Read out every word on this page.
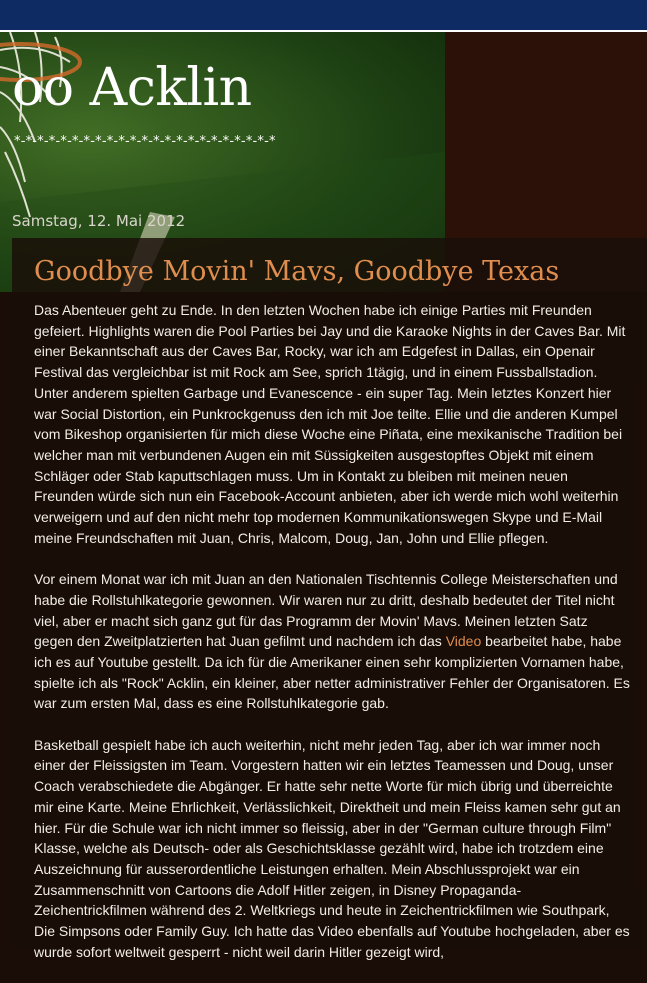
oo Acklin
*-*-*-*-*-*-*-*-*-*-*-*-*-*-*-*-*-*-*-*-*-*-*
Samstag, 12. Mai 2012
Goodbye Movin' Mavs, Goodbye Texas

Das Abenteuer geht zu Ende. In den letzten Wochen habe ich einige Parties mit Freunden gefeiert. Highlights waren die Pool Parties bei Jay und die Karaoke Nights in der Caves Bar. Mit einer Bekanntschaft aus der Caves Bar, Rocky, war ich am Edgefest in Dallas, ein Openair Festival das vergleichbar ist mit Rock am See, sprich 1tägig, und in einem Fussballstadion. Unter anderem spielten Garbage und Evanescence - ein super Tag. Mein letztes Konzert hier war Social Distortion, ein Punkrockgenuss den ich mit Joe teilte. Ellie und die anderen Kumpel vom Bikeshop organisierten für mich diese Woche eine Piñata, eine mexikanische Tradition bei welcher man mit verbundenen Augen ein mit Süssigkeiten ausgestopftes Objekt mit einem Schläger oder Stab kaputtschlagen muss. Um in Kontakt zu bleiben mit meinen neuen Freunden würde sich nun ein Facebook-Account anbieten, aber ich werde mich wohl weiterhin verweigern und auf den nicht mehr top modernen Kommunikationswegen Skype und E-Mail meine Freundschaften mit Juan, Chris, Malcom, Doug, Jan, John und Ellie pflegen.

Vor einem Monat war ich mit Juan an den Nationalen Tischtennis College Meisterschaften und habe die Rollstuhlkategorie gewonnen. Wir waren nur zu dritt, deshalb bedeutet der Titel nicht viel, aber er macht sich ganz gut für das Programm der Movin' Mavs. Meinen letzten Satz gegen den Zweitplatzierten hat Juan gefilmt und nachdem ich das Video bearbeitet habe, habe ich es auf Youtube gestellt. Da ich für die Amerikaner einen sehr komplizierten Vornamen habe, spielte ich als "Rock" Acklin, ein kleiner, aber netter administrativer Fehler der Organisatoren. Es war zum ersten Mal, dass es eine Rollstuhlkategorie gab.

Basketball gespielt habe ich auch weiterhin, nicht mehr jeden Tag, aber ich war immer noch einer der Fleissigsten im Team. Vorgestern hatten wir ein letztes Teamessen und Doug, unser Coach verabschiedete die Abgänger. Er hatte sehr nette Worte für mich übrig und überreichte mir eine Karte. Meine Ehrlichkeit, Verlässlichkeit, Direktheit und mein Fleiss kamen sehr gut an hier. Für die Schule war ich nicht immer so fleissig, aber in der "German culture through Film" Klasse, welche als Deutsch- oder als Geschichtsklasse gezählt wird, habe ich trotzdem eine Auszeichnung für ausserordentliche Leistungen erhalten. Mein Abschlussprojekt war ein Zusammenschnitt von Cartoons die Adolf Hitler zeigen, in Disney Propaganda-Zeichentrickfilmen während des 2. Weltkriegs und heute in Zeichentrickfilmen wie Southpark, Die Simpsons oder Family Guy. Ich hatte das Video ebenfalls auf Youtube hochgeladen, aber es wurde sofort weltweit gesperrt - nicht weil darin Hitler gezeigt wird,
